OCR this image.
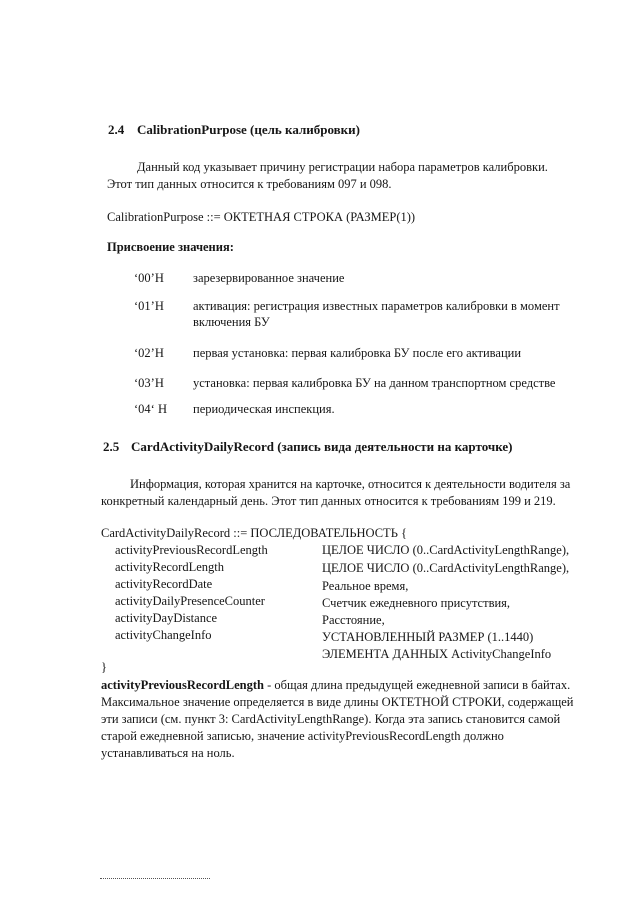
2.4 CalibrationPurpose (цель калибровки)
Данный код указывает причину регистрации набора параметров калибровки.
Этот тип данных относится к требованиям 097 и 098.
CalibrationPurpose ::= ОКТЕТНАЯ СТРОКА (РАЗМЕР(1))
Присвоение значения:
‘00’H зарезервированное значение
‘01’H активация: регистрация известных параметров калибровки в момент
включения БУ
‘02’H первая установка: первая калибровка БУ после его активации
‘03’H установка: первая калибровка БУ на данном транспортном средстве
‘04‘ H периодическая инспекция.
2.5 CardActivityDailyRecord (запись вида деятельности на карточке)
Информация, которая хранится на карточке, относится к деятельности водителя за
конкретный календарный день. Этот тип данных относится к требованиям 199 и 219.
CardActivityDailyRecord ::= ПОСЛЕДОВАТЕЛЬНОСТЬ {
activityPreviousRecordLength	ЦЕЛОЕ ЧИСЛО (0..CardActivityLengthRange),
activityRecordLength	ЦЕЛОЕ ЧИСЛО (0..CardActivityLengthRange),
activityRecordDate	Реальное время,
activityDailyPresenceCounter	Счетчик ежедневного присутствия,
activityDayDistance	Расстояние,
activityChangeInfo	УСТАНОВЛЕННЫЙ РАЗМЕР (1..1440)
ЭЛЕМЕНТА ДАННЫХ ActivityChangeInfo
}
activityPreviousRecordLength - общая длина предыдущей ежедневной записи в байтах.
Максимальное значение определяется в виде длины ОКТЕТНОЙ СТРОКИ, содержащей
эти записи (см. пункт 3: CardActivityLengthRange). Когда эта запись становится самой
старой ежедневной записью, значение activityPreviousRecordLength должно
устанавливаться на ноль.
